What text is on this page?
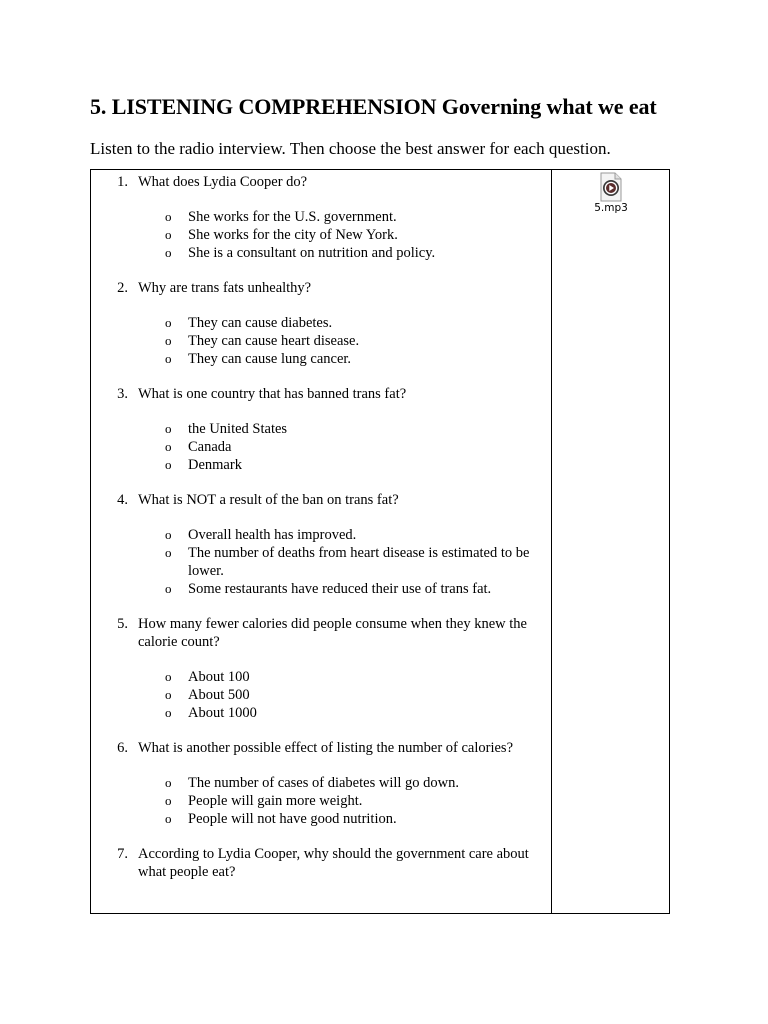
5. LISTENING COMPREHENSION Governing what we eat
Listen to the radio interview. Then choose the best answer for each question.
1. What does Lydia Cooper do?
o She works for the U.S. government.
o She works for the city of New York.
o She is a consultant on nutrition and policy.
2. Why are trans fats unhealthy?
o They can cause diabetes.
o They can cause heart disease.
o They can cause lung cancer.
3. What is one country that has banned trans fat?
o the United States
o Canada
o Denmark
4. What is NOT a result of the ban on trans fat?
o Overall health has improved.
o The number of deaths from heart disease is estimated to be lower.
o Some restaurants have reduced their use of trans fat.
5. How many fewer calories did people consume when they knew the calorie count?
o About 100
o About 500
o About 1000
6. What is another possible effect of listing the number of calories?
o The number of cases of diabetes will go down.
o People will gain more weight.
o People will not have good nutrition.
7. According to Lydia Cooper, why should the government care about what people eat?
5.mp3
